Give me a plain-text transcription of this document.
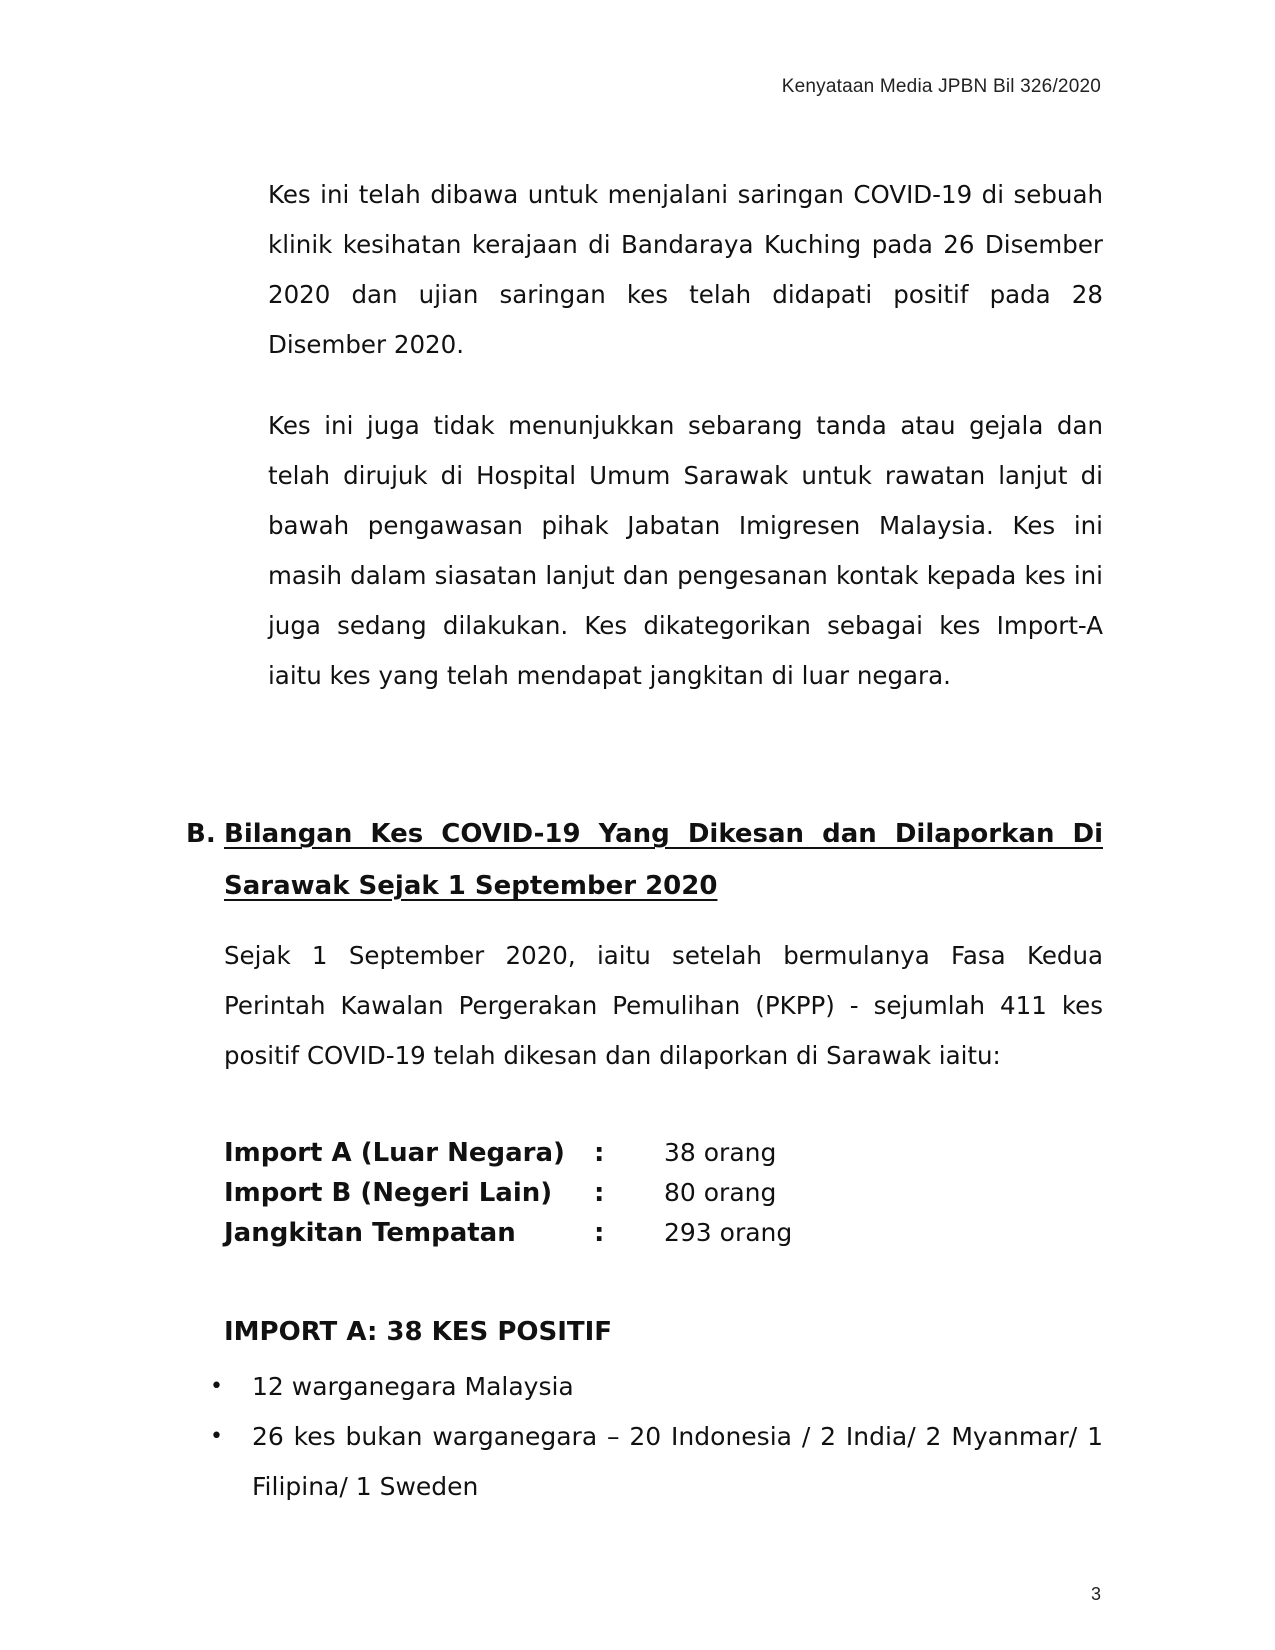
Kenyataan Media JPBN Bil 326/2020

Kes ini telah dibawa untuk menjalani saringan COVID-19 di sebuah klinik kesihatan kerajaan di Bandaraya Kuching pada 26 Disember 2020 dan ujian saringan kes telah didapati positif pada 28 Disember 2020.

Kes ini juga tidak menunjukkan sebarang tanda atau gejala dan telah dirujuk di Hospital Umum Sarawak untuk rawatan lanjut di bawah pengawasan pihak Jabatan Imigresen Malaysia. Kes ini masih dalam siasatan lanjut dan pengesanan kontak kepada kes ini juga sedang dilakukan. Kes dikategorikan sebagai kes Import-A iaitu kes yang telah mendapat jangkitan di luar negara.

B. Bilangan Kes COVID-19 Yang Dikesan dan Dilaporkan Di Sarawak Sejak 1 September 2020

Sejak 1 September 2020, iaitu setelah bermulanya Fasa Kedua Perintah Kawalan Pergerakan Pemulihan (PKPP) - sejumlah 411 kes positif COVID-19 telah dikesan dan dilaporkan di Sarawak iaitu:

Import A (Luar Negara)	:	38 orang
Import B (Negeri Lain)	:	80 orang
Jangkitan Tempatan	:	293 orang
IMPORT A: 38 KES POSITIF
•	12 warganegara Malaysia
•	26 kes bukan warganegara – 20 Indonesia / 2 India/ 2 Myanmar/ 1 Filipina/ 1 Sweden
3
